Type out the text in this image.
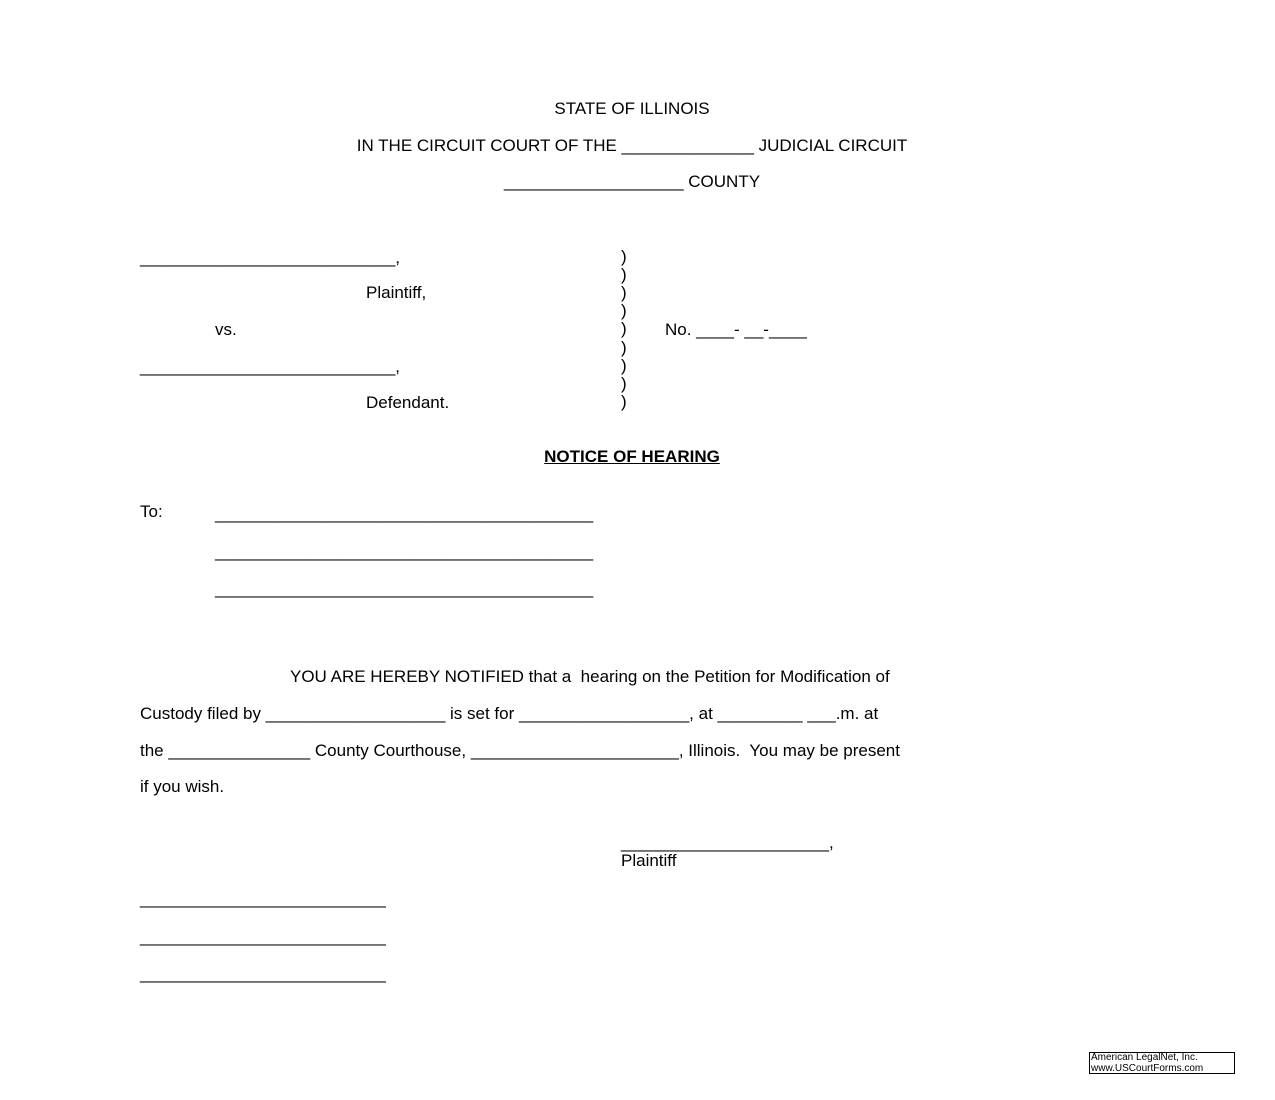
STATE OF ILLINOIS
IN THE CIRCUIT COURT OF THE ______________ JUDICIAL CIRCUIT
___________________ COUNTY
___________________________,
Plaintiff,
vs.
___________________________,
Defendant.
)
)
)
)
)
)
)
)
)
No. ____- __-____
NOTICE OF HEARING
To:	________________________________________
________________________________________
________________________________________
YOU ARE HEREBY NOTIFIED that a  hearing on the Petition for Modification of
Custody filed by ___________________ is set for __________________, at _________ ___.m. at
the _______________ County Courthouse, ______________________, Illinois.  You may be present
if you wish.
______________________,
Plaintiff
__________________________
__________________________
__________________________
American LegalNet, Inc.
www.USCourtForms.com
